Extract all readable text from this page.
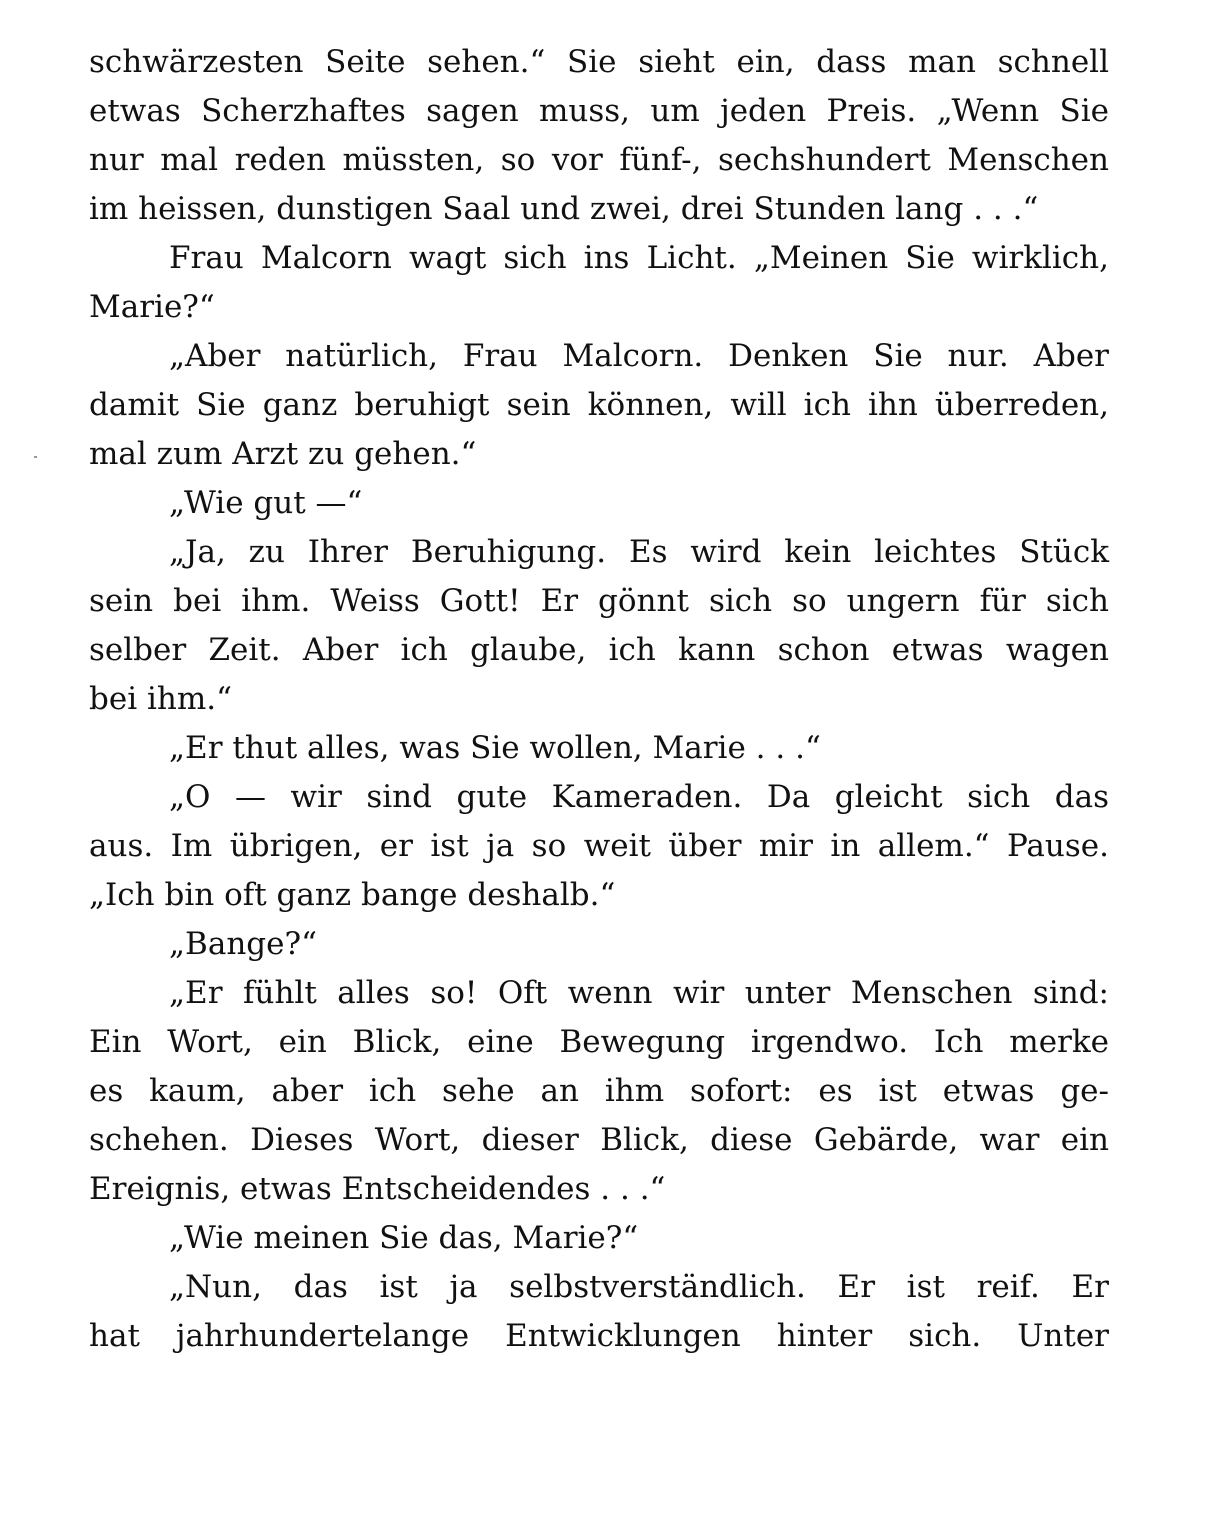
schwärzesten Seite sehen.“ Sie sieht ein, dass man schnell
etwas Scherzhaftes sagen muss, um jeden Preis. „Wenn Sie
nur mal reden müssten, so vor fünf-, sechshundert Menschen
im heissen, dunstigen Saal und zwei, drei Stunden lang . . .“
Frau Malcorn wagt sich ins Licht. „Meinen Sie wirklich,
Marie?“
„Aber natürlich, Frau Malcorn. Denken Sie nur. Aber
damit Sie ganz beruhigt sein können, will ich ihn überreden,
mal zum Arzt zu gehen.“
„Wie gut —“
„Ja, zu Ihrer Beruhigung. Es wird kein leichtes Stück
sein bei ihm. Weiss Gott! Er gönnt sich so ungern für sich
selber Zeit. Aber ich glaube, ich kann schon etwas wagen
bei ihm.“
„Er thut alles, was Sie wollen, Marie . . .“
„O — wir sind gute Kameraden. Da gleicht sich das
aus. Im übrigen, er ist ja so weit über mir in allem.“ Pause.
„Ich bin oft ganz bange deshalb.“
„Bange?“
„Er fühlt alles so! Oft wenn wir unter Menschen sind:
Ein Wort, ein Blick, eine Bewegung irgendwo. Ich merke
es kaum, aber ich sehe an ihm sofort: es ist etwas ge-
schehen. Dieses Wort, dieser Blick, diese Gebärde, war ein
Ereignis, etwas Entscheidendes . . .“
„Wie meinen Sie das, Marie?“
„Nun, das ist ja selbstverständlich. Er ist reif. Er
hat jahrhundertelange Entwicklungen hinter sich. Unter
